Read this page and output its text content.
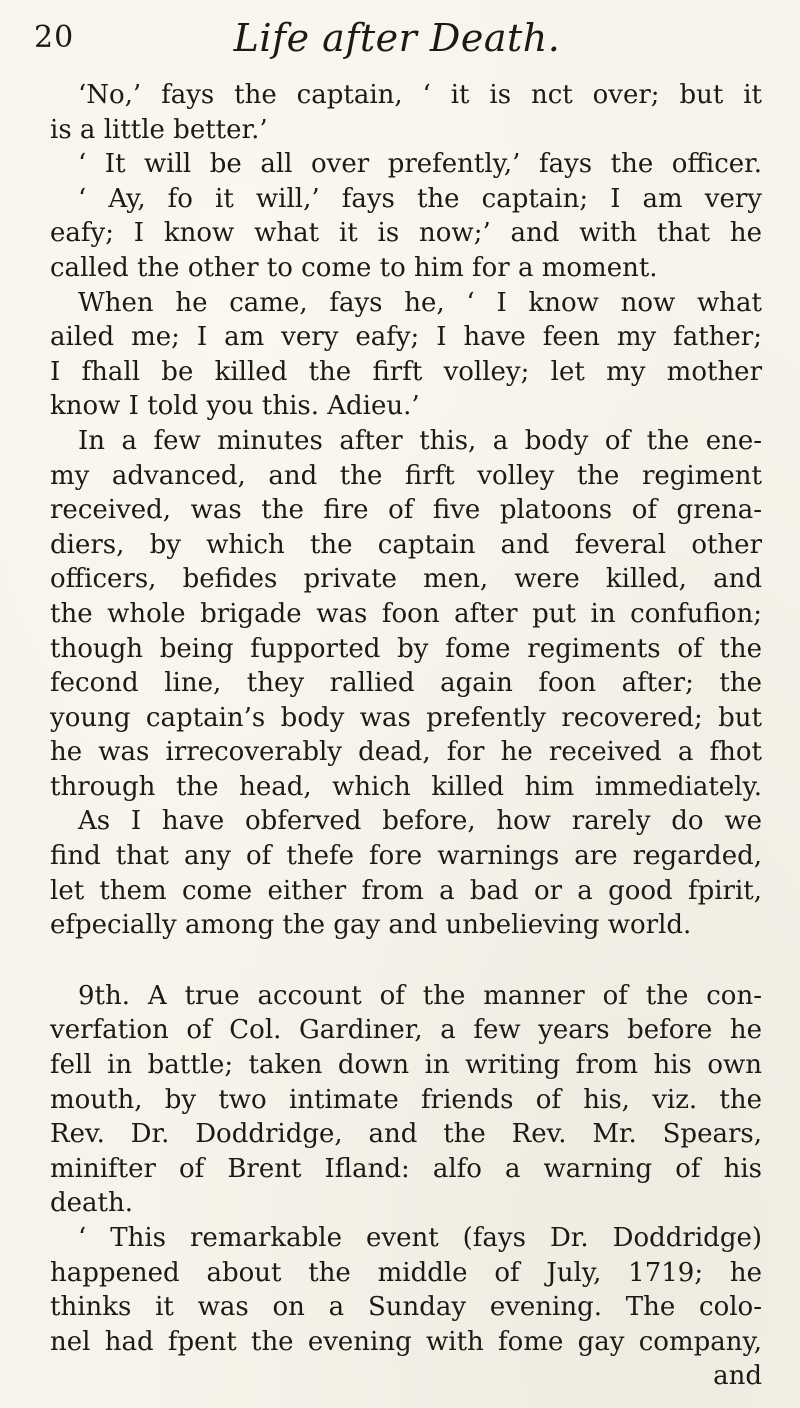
20	Life after Death.
‘No,’ fays the captain, ‘ it is nct over; but it
is a little better.’
‘ It will be all over prefently,’ fays the officer.
‘ Ay, fo it will,’ fays the captain; I am very
eafy; I know what it is now;’ and with that he
called the other to come to him for a moment.
When he came, fays he, ‘ I know now what
ailed me; I am very eafy; I have feen my father;
I fhall be killed the firft volley; let my mother
know I told you this. Adieu.’
In a few minutes after this, a body of the ene-
my advanced, and the firft volley the regiment
received, was the fire of five platoons of grena-
diers, by which the captain and feveral other
officers, befides private men, were killed, and
the whole brigade was foon after put in confufion;
though being fupported by fome regiments of the
fecond line, they rallied again foon after; the
young captain’s body was prefently recovered; but
he was irrecoverably dead, for he received a fhot
through the head, which killed him immediately.
As I have obferved before, how rarely do we
find that any of thefe fore warnings are regarded,
let them come either from a bad or a good fpirit,
efpecially among the gay and unbelieving world.
9th. A true account of the manner of the con-
verfation of Col. Gardiner, a few years before he
fell in battle; taken down in writing from his own
mouth, by two intimate friends of his, viz. the
Rev. Dr. Doddridge, and the Rev. Mr. Spears,
minifter of Brent Ifland: alfo a warning of his
death.
‘ This remarkable event (fays Dr. Doddridge)
happened about the middle of July, 1719; he
thinks it was on a Sunday evening. The colo-
nel had fpent the evening with fome gay company,
and
